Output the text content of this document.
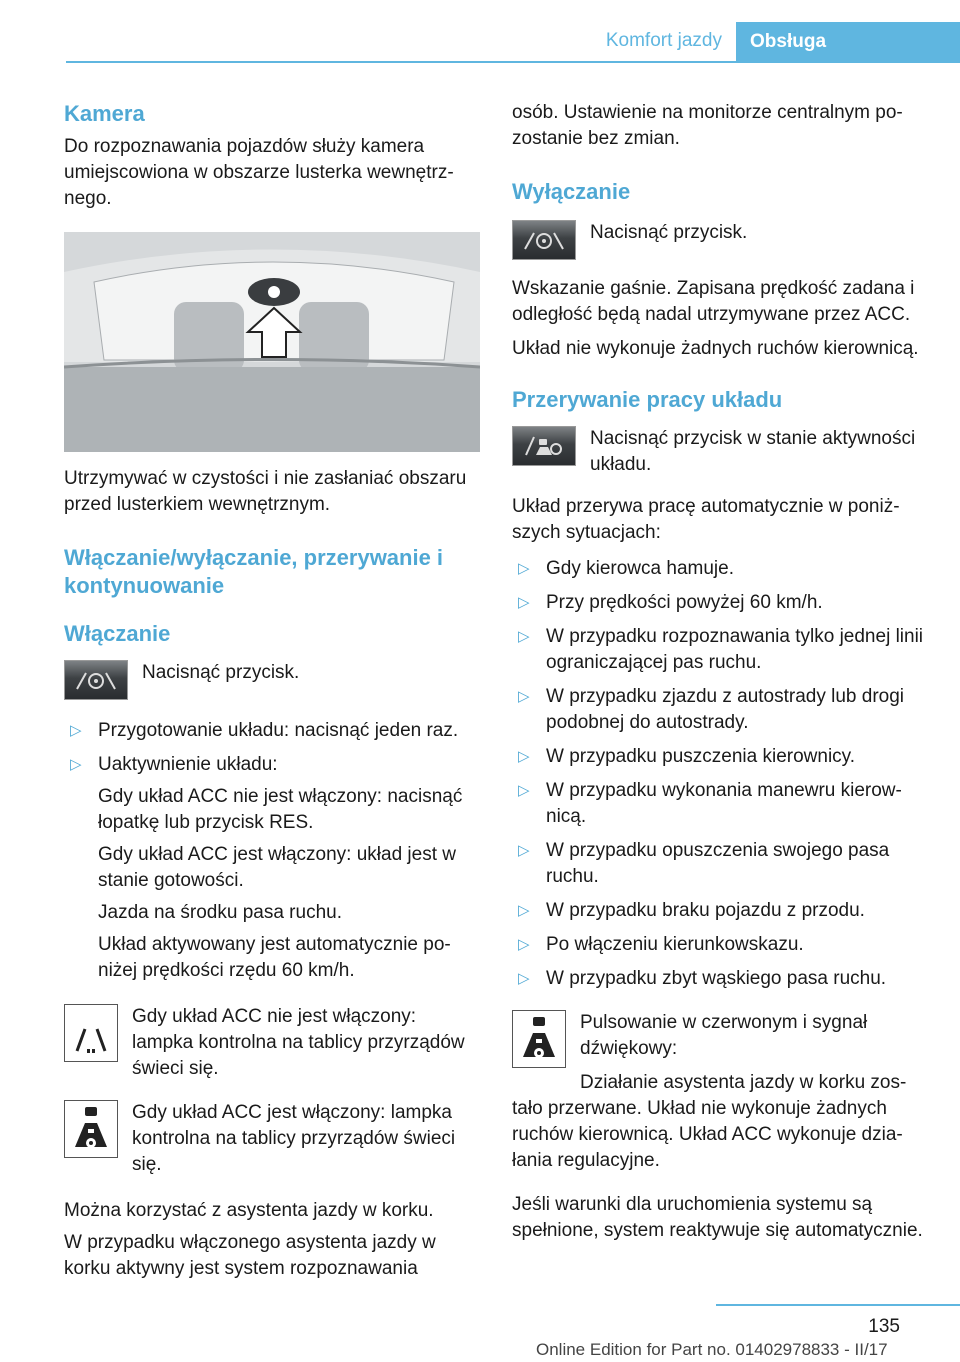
Komfort jazdy	Obsługa
Kamera

Do rozpoznawania pojazdów służy kamera umiejscowiona w obszarze lusterka wewnętrznego.

Utrzymywać w czystości i nie zasłaniać obszaru przed lusterkiem wewnętrznym.

Włączanie/wyłączanie, przerywanie i kontynuowanie
Włączanie
Nacisnąć przycisk.
▷ Przygotowanie układu: nacisnąć jeden raz.
▷ Uaktywnienie układu:

Gdy układ ACC nie jest włączony: nacisnąć łopatkę lub przycisk RES.

Gdy układ ACC jest włączony: układ jest w stanie gotowości.

Jazda na środku pasa ruchu.

Układ aktywowany jest automatycznie poniżej prędkości rzędu 60 km/h.

Gdy układ ACC nie jest włączony: lampka kontrolna na tablicy przyrządów świeci się.
Gdy układ ACC jest włączony: lampka kontrolna na tablicy przyrządów świeci się.

Można korzystać z asystenta jazdy w korku.

W przypadku włączonego asystenta jazdy w korku aktywny jest system rozpoznawania

osób. Ustawienie na monitorze centralnym pozostanie bez zmian.

Wyłączanie
Nacisnąć przycisk.

Wskazanie gaśnie. Zapisana prędkość zadana i odległość będą nadal utrzymywane przez ACC.

Układ nie wykonuje żadnych ruchów kierownicą.

Przerywanie pracy układu
Nacisnąć przycisk w stanie aktywności układu.

Układ przerywa pracę automatycznie w poniższych sytuacjach:

▷ Gdy kierowca hamuje.
▷ Przy prędkości powyżej 60 km/h.
▷ W przypadku rozpoznawania tylko jednej linii ograniczającej pas ruchu.
▷ W przypadku zjazdu z autostrady lub drogi podobnej do autostrady.
▷ W przypadku puszczenia kierownicy.
▷ W przypadku wykonania manewru kierownicą.
▷ W przypadku opuszczenia swojego pasa ruchu.
▷ W przypadku braku pojazdu z przodu.
▷ Po włączeniu kierunkowskazu.
▷ W przypadku zbyt wąskiego pasa ruchu.
Pulsowanie w czerwonym i sygnał dźwiękowy:

Działanie asystenta jazdy w korku zostało przerwane. Układ nie wykonuje żadnych ruchów kierownicą. Układ ACC wykonuje działania regulacyjne.

Jeśli warunki dla uruchomienia systemu są spełnione, system reaktywuje się automatycznie.

135
Online Edition for Part no. 01402978833 - II/17
